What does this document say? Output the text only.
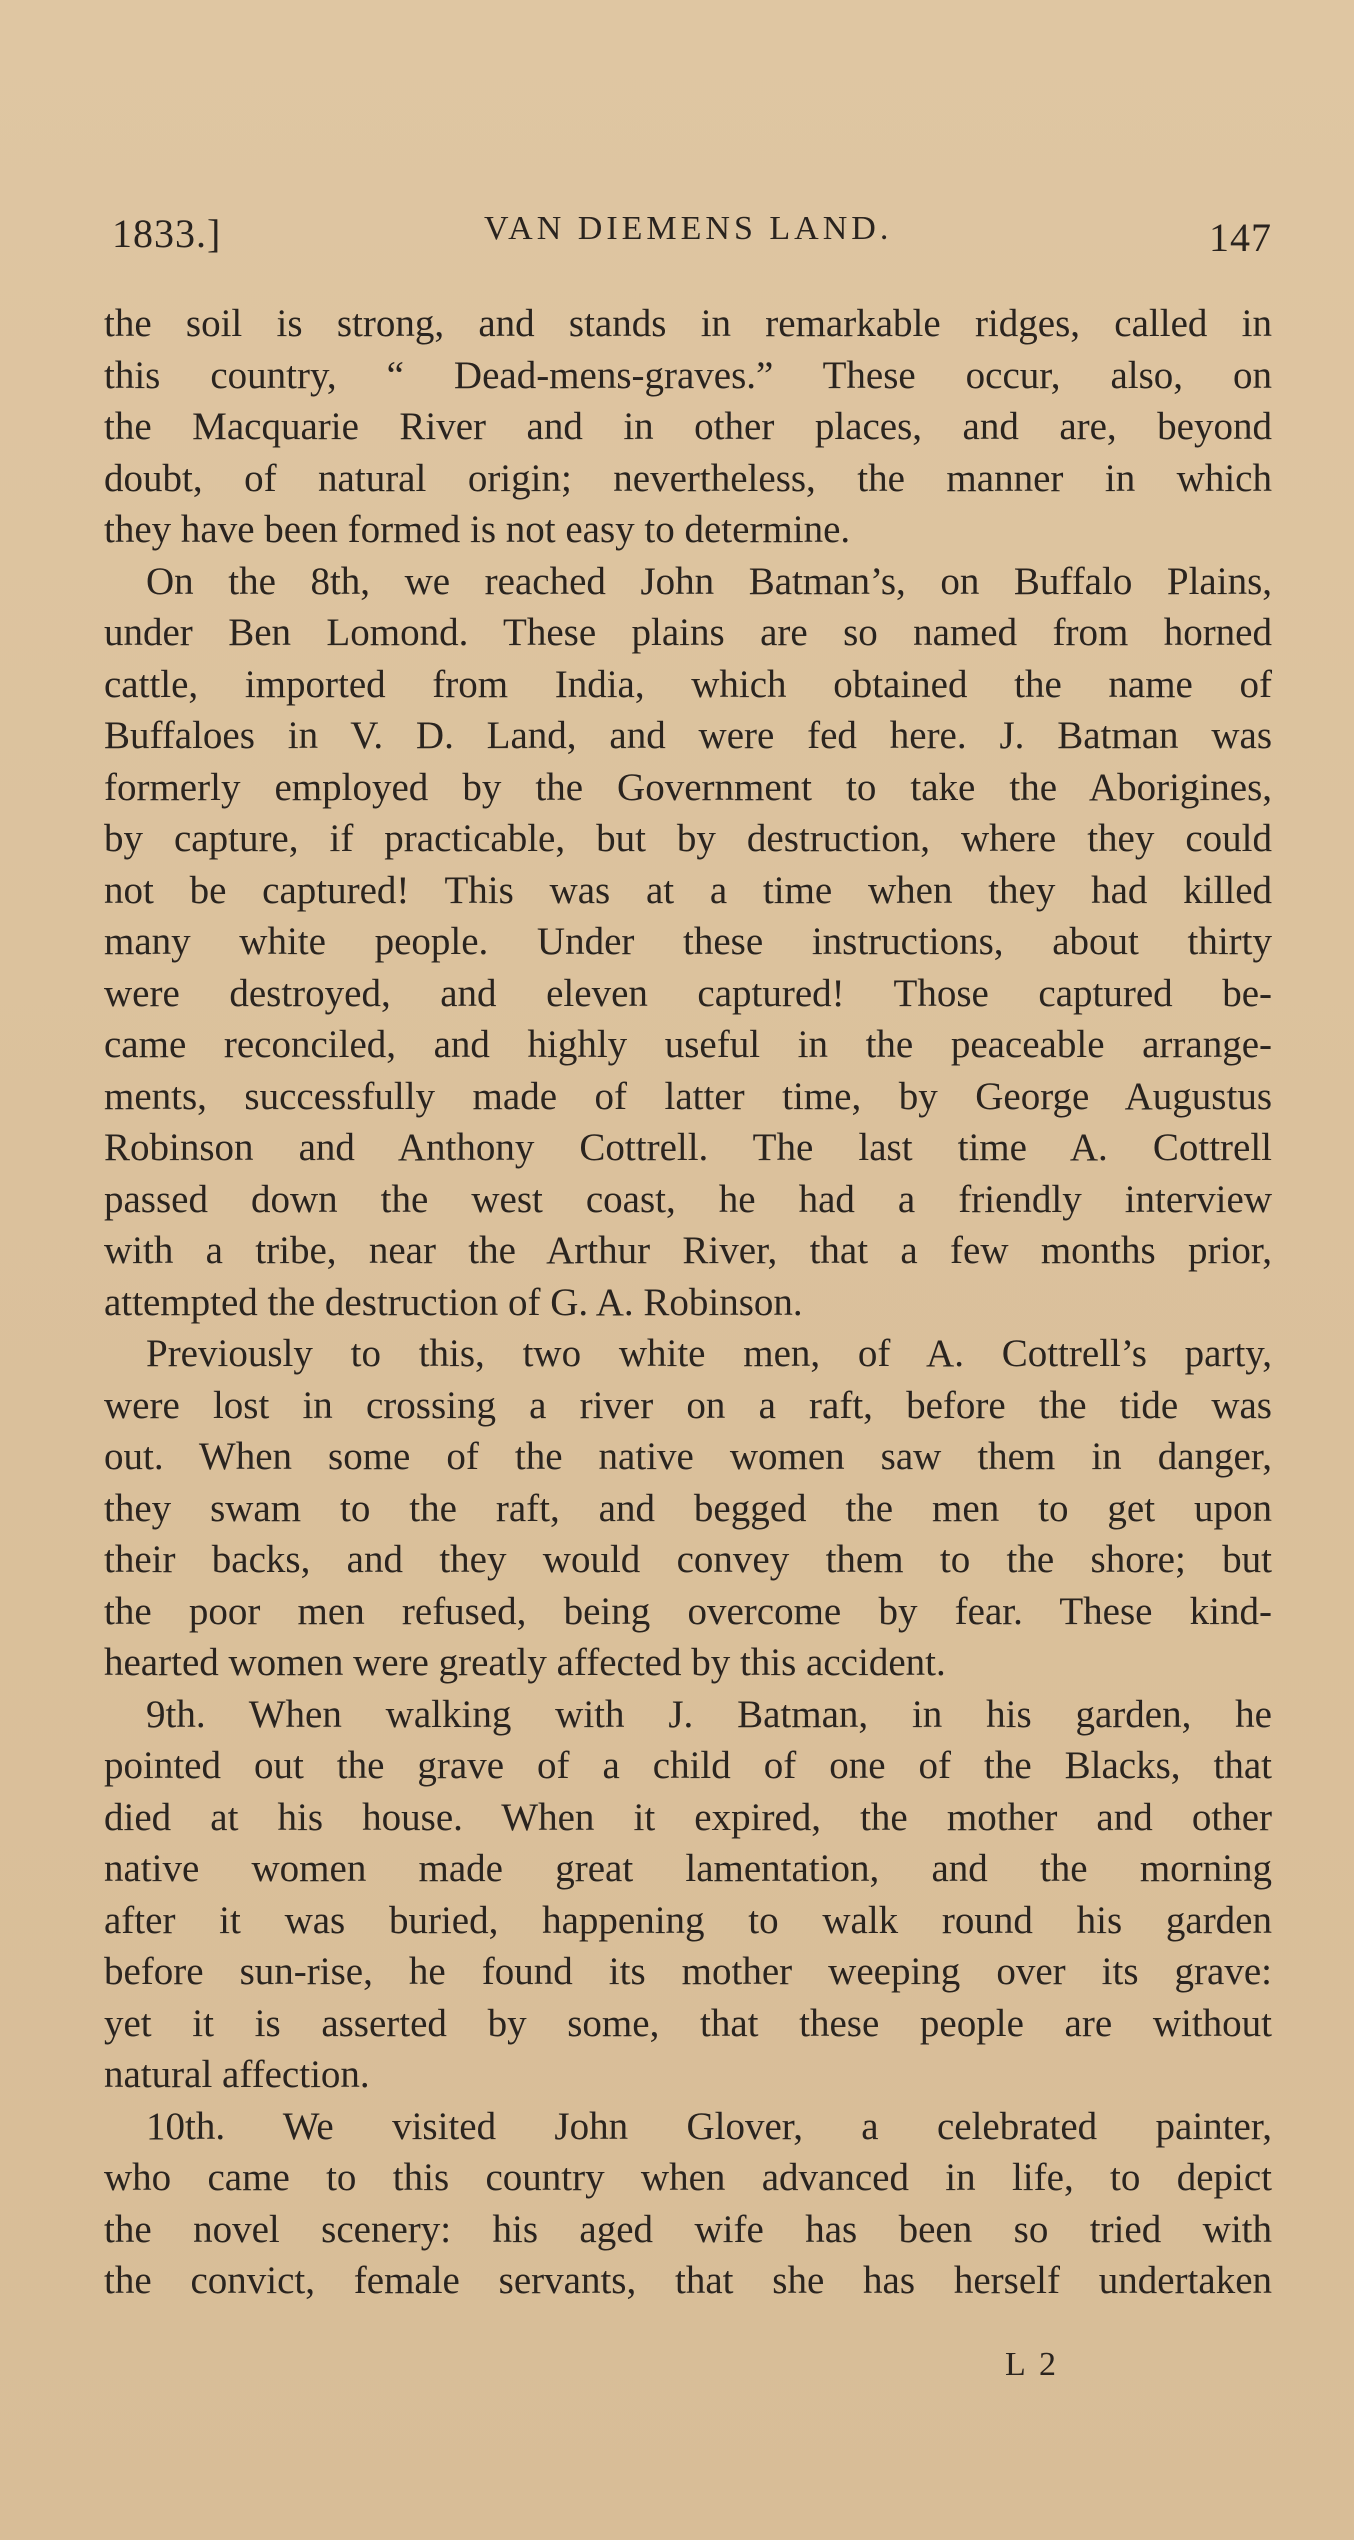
1833.]	VAN DIEMENS LAND.	147
the soil is strong, and stands in remarkable ridges, called in
this country, “ Dead-mens-graves.” These occur, also, on
the Macquarie River and in other places, and are, beyond
doubt, of natural origin; nevertheless, the manner in which
they have been formed is not easy to determine.
On the 8th, we reached John Batman’s, on Buffalo Plains,
under Ben Lomond. These plains are so named from horned
cattle, imported from India, which obtained the name of
Buffaloes in V. D. Land, and were fed here. J. Batman was
formerly employed by the Government to take the Aborigines,
by capture, if practicable, but by destruction, where they could
not be captured! This was at a time when they had killed
many white people. Under these instructions, about thirty
were destroyed, and eleven captured! Those captured be-
came reconciled, and highly useful in the peaceable arrange-
ments, successfully made of latter time, by George Augustus
Robinson and Anthony Cottrell. The last time A. Cottrell
passed down the west coast, he had a friendly interview
with a tribe, near the Arthur River, that a few months prior,
attempted the destruction of G. A. Robinson.
Previously to this, two white men, of A. Cottrell’s party,
were lost in crossing a river on a raft, before the tide was
out. When some of the native women saw them in danger,
they swam to the raft, and begged the men to get upon
their backs, and they would convey them to the shore; but
the poor men refused, being overcome by fear. These kind-
hearted women were greatly affected by this accident.
9th. When walking with J. Batman, in his garden, he
pointed out the grave of a child of one of the Blacks, that
died at his house. When it expired, the mother and other
native women made great lamentation, and the morning
after it was buried, happening to walk round his garden
before sun-rise, he found its mother weeping over its grave:
yet it is asserted by some, that these people are without
natural affection.
10th. We visited John Glover, a celebrated painter,
who came to this country when advanced in life, to depict
the novel scenery: his aged wife has been so tried with
the convict, female servants, that she has herself undertaken
L 2
